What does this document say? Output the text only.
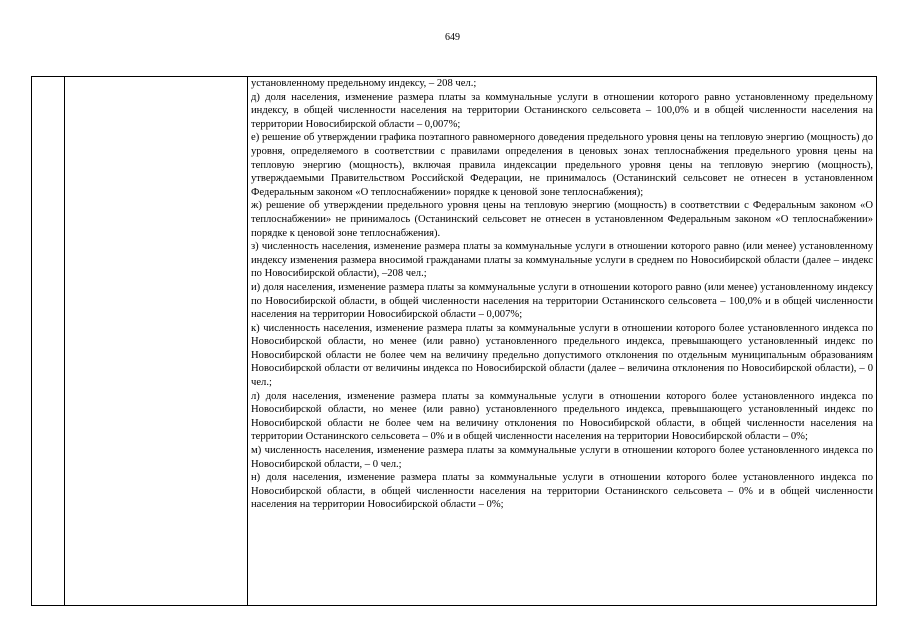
649

установленному предельному индексу, – 208 чел.;

д) доля населения, изменение размера платы за коммунальные услуги в отношении которого равно установленному предельному индексу, в общей численности населения на территории Останинского сельсовета – 100,0% и в общей численности населения на территории Новосибирской области – 0,007%;

е) решение об утверждении графика поэтапного равномерного доведения предельного уровня цены на тепловую энергию (мощность) до уровня, определяемого в соответствии с правилами определения в ценовых зонах теплоснабжения предельного уровня цены на тепловую энергию (мощность), включая правила индексации предельного уровня цены на тепловую энергию (мощность), утверждаемыми Правительством Российской Федерации, не принималось (Останинский сельсовет не отнесен в установленном Федеральным законом «О теплоснабжении» порядке к ценовой зоне теплоснабжения);

ж) решение об утверждении предельного уровня цены на тепловую энергию (мощность) в соответствии с Федеральным законом «О теплоснабжении» не принималось (Останинский сельсовет не отнесен в установленном Федеральным законом «О теплоснабжении» порядке к ценовой зоне теплоснабжения).

з) численность населения, изменение размера платы за коммунальные услуги в отношении которого равно (или менее) установленному индексу изменения размера вносимой гражданами платы за коммунальные услуги в среднем по Новосибирской области (далее – индекс по Новосибирской области), –208 чел.;

и) доля населения, изменение размера платы за коммунальные услуги в отношении которого равно (или менее) установленному индексу по Новосибирской области, в общей численности населения на территории Останинского сельсовета – 100,0% и в общей численности населения на территории Новосибирской области – 0,007%;

к) численность населения, изменение размера платы за коммунальные услуги в отношении которого более установленного индекса по Новосибирской области, но менее (или равно) установленного предельного индекса, превышающего установленный индекс по Новосибирской области не более чем на величину предельно допустимого отклонения по отдельным муниципальным образованиям Новосибирской области от величины индекса по Новосибирской области (далее – величина отклонения по Новосибирской области), – 0 чел.;

л) доля населения, изменение размера платы за коммунальные услуги в отношении которого более установленного индекса по Новосибирской области, но менее (или равно) установленного предельного индекса, превышающего установленный индекс по Новосибирской области не более чем на величину отклонения по Новосибирской области, в общей численности населения на территории Останинского сельсовета – 0% и в общей численности населения на территории Новосибирской области – 0%;

м) численность населения, изменение размера платы за коммунальные услуги в отношении которого более установленного индекса по Новосибирской области, – 0 чел.;

н) доля населения, изменение размера платы за коммунальные услуги в отношении которого более установленного индекса по Новосибирской области, в общей численности населения на территории Останинского сельсовета – 0% и в общей численности населения на территории Новосибирской области – 0%;
